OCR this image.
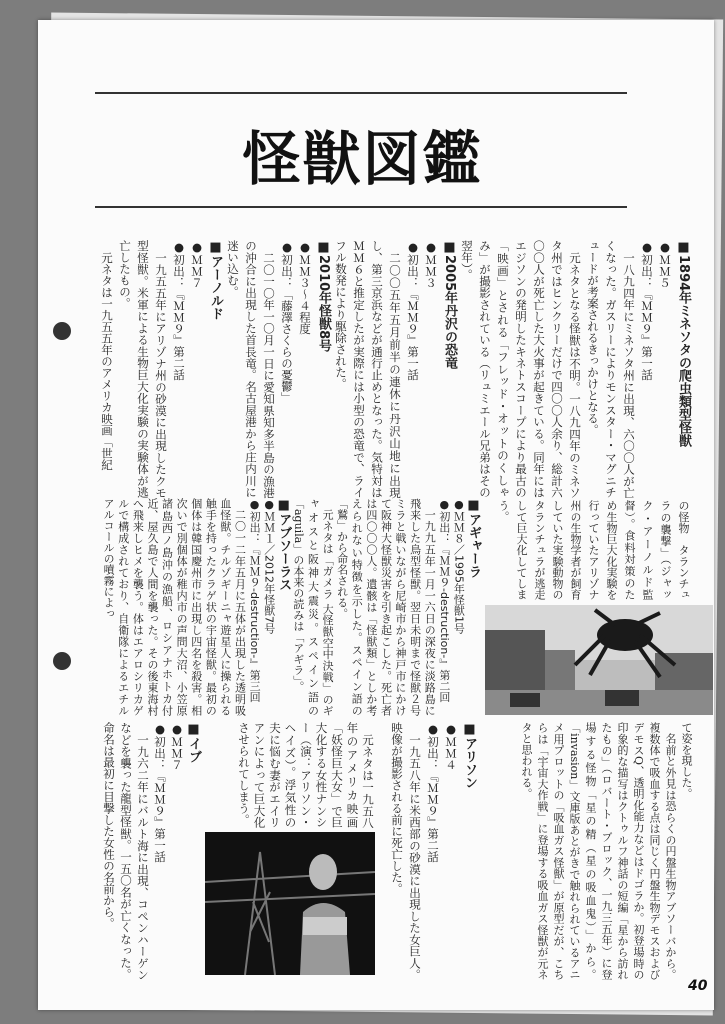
怪獣図鑑
■1894年ミネソタの爬虫類型怪獣
●ＭＭ５
●初出：『ＭＭ９』第一話

一八九四年にミネソタ州に出現、六〇〇人が亡くなった。ガスリーによりモンスター・マグニチュードが考案されるきっかけとなる。

元ネタとなる怪獣は不明。一八九四年のミネソタ州ではヒンクリーだけで四〇〇人余り、総計六〇〇人が死亡した大火事が起きている。同年にはエジソンの発明したキネトスコープにより最古の「映画」とされる「フレッド・オットのくしゃみ」が撮影されている（リュミエール兄弟はその翌年）。

■2005年丹沢の恐竜
●ＭＭ３
●初出：『ＭＭ９』第一話

二〇〇五年五月前半の連休に丹沢山地に出現し、第三京浜などが通行止めとなった。気特対はＭＭ６と推定したが実際には小型の恐竜で、ライフル数発により駆除された。

■2010年怪獣8号
●ＭＭ３～４程度
●初出：「藤澤さくらの憂鬱」

二〇一〇年一〇月一日に愛知県知多半島の漁港の沖合に出現した首長竜。名古屋港から庄内川に迷い込む。

■アーノルド
●ＭＭ７
●初出：『ＭＭ９』第二話

一九五五年にアリゾナ州の砂漠に出現したクモ型怪獣。米軍による生物巨大化実験の実験体が逃亡したもの。

元ネタは一九五五年のアメリカ映画「世紀

の怪物　タランチュラの襲撃」（ジャック・アーノルド監督）。食料対策のため生物巨大化実験を行っていたアリゾナ州の生物学者が飼育していた実験動物のタランチュラが逃走して巨大化してしまう。
■アギャーラ
●ＭＭ８／1995年怪獣1号
●初出：『ＭＭ９-destruction-』第二回

一九九五年一月一六日の深夜に淡路島に飛来した鳥型怪獣。翌日未明まで怪獣２号ミラと戦いながら尼崎市から神戸市にかけて阪神大怪獣災害を引き起こした。死亡者は四〇〇〇人。遺骸は「怪獣類」としか考えられない特徴を示した。スペイン語の「鷲」から命名される。

元ネタは「ガメラ 大怪獣空中決戦」のギャオスと阪神大震災。スペイン語の「aguila」の本来の読みは「アギラ」。

■アブソーラス
●ＭＭ１／2012年怪獣7号
●初出：『ＭＭ９-destruction-』第三回

二〇一二年五月に五体が出現した透明吸血怪獣。チルゾギーニャ遊星人に操られる触手を持ったクラゲ状の宇宙怪獣。最初の個体は韓国慶州市に出現し四名を殺害。相次いで別個体が稚内市の声問大沼、小笠原諸島西ノ島沖の漁船、ロシアナホトカ付近、屋久島で人間を襲った。その後東海村へ飛来しヒメを襲う。体はエアロシリカゲルで構成されており、自衛隊によるエチルアルコールの噴霧によっ

て姿を現した。

名前と外見は恐らくの円盤生物アブソーバから。複数体で吸血する点は同じく円盤生物デモスおよびデモスQ、透明化能力などはドゴラか。初登場時の印象的な描写はクトゥルフ神話の短編「星から訪れたもの」（ロバート・ブロック、一九三五年）に登場する怪物「星の精（星の吸血鬼）」から。「invasion」文庫版あとがきで触れられているアニメ用プロットの「吸血ガス怪獣」が原型だが、こちらは「宇宙大作戦」に登場する吸血ガス怪獣が元ネタと思われる。

■アリソン
●ＭＭ４
●初出：『ＭＭ９』第二話

一九五八年に米西部の砂漠に出現した女巨人。映像が撮影される前に死亡した。

元ネタは一九五八年のアメリカ映画「妖怪巨大女」で巨大化する女性ナンシー（演：アリソン・ヘイズ）。浮気性の夫に悩む妻がエイリアンによって巨大化させられてしまう。

■イブ
●ＭＭ７
●初出：『ＭＭ９』第一話

一九六二年にバルト海に出現、コペンハーゲンなどを襲った龍型怪獣。一五〇名が亡くなった。命名は最初に目撃した女性の名前から。

40
